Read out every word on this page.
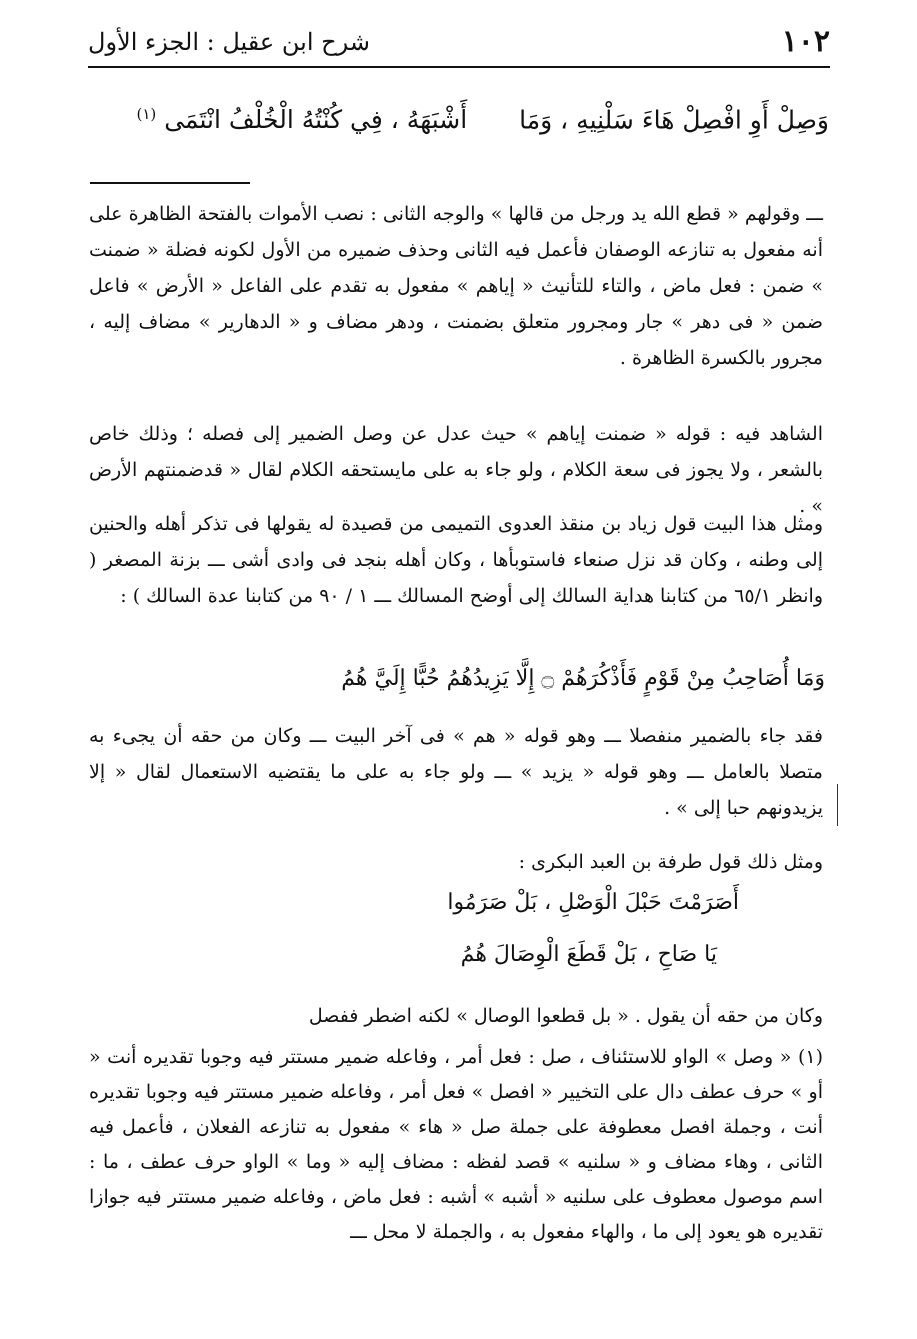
١٠٢
شرح ابن عقيل : الجزء الأول
وَصِلْ أَوِ افْصِلْ هَاءَ سَلْنِيهِ ، وَمَا أَشْبَهَهُ ، فِي كُنْتُهُ الْخُلْفُ انْتَمَى $^{(١)}$
ـــ وقولهم « قطع الله يد ورجل من قالها » والوجه الثانى : نصب الأموات بالفتحة الظاهرة على أنه مفعول به تنازعه الوصفان فأعمل فيه الثانى وحذف ضميره من الأول لكونه فضلة « ضمنت » ضمن : فعل ماض ، والتاء للتأنيث « إياهم » مفعول به تقدم على الفاعل « الأرض » فاعل ضمن « فى دهر » جار ومجرور متعلق بضمنت ، ودهر مضاف و « الدهارير » مضاف إليه ، مجرور بالكسرة الظاهرة .
الشاهد فيه : قوله « ضمنت إياهم » حيث عدل عن وصل الضمير إلى فصله ؛ وذلك خاص بالشعر ، ولا يجوز فى سعة الكلام ، ولو جاء به على مايستحقه الكلام لقال « قدضمنتهم الأرض » .
ومثل هذا البيت قول زياد بن منقذ العدوى التميمى من قصيدة له يقولها فى تذكر أهله والحنين إلى وطنه ، وكان قد نزل صنعاء فاستوبأها ، وكان أهله بنجد فى وادى أشى ـــ بزنة المصغر ( وانظر ٦٥/١ من كتابنا هداية السالك إلى أوضح المسالك ـــ ١ / ٩٠ من كتابنا عدة السالك ) :
وَمَا أُصَاحِبُ مِنْ قَوْمٍ فَأَذْكُرَهُمْ ۝ إِلَّا يَزِيدُهُمُ حُبًّا إِلَيَّ هُمُ
فقد جاء بالضمير منفصلا ـــ وهو قوله « هم » فى آخر البيت ـــ وكان من حقه أن يجىء به متصلا بالعامل ـــ وهو قوله « يزيد » ـــ ولو جاء به على ما يقتضيه الاستعمال لقال « إلا يزيدونهم حبا إلى » .
ومثل ذلك قول طرفة بن العبد البكرى :
أَصَرَمْتَ حَبْلَ الْوَصْلِ ، بَلْ صَرَمُوا
يَا صَاحِ ، بَلْ قَطَعَ الْوِصَالَ هُمُ
وكان من حقه أن يقول . « بل قطعوا الوصال » لكنه اضطر ففصل
(١) « وصل » الواو للاستئناف ، صل : فعل أمر ، وفاعله ضمير مستتر فيه وجوبا تقديره أنت « أو » حرف عطف دال على التخيير « افصل » فعل أمر ، وفاعله ضمير مستتر فيه وجوبا تقديره أنت ، وجملة افصل معطوفة على جملة صل « هاء » مفعول به تنازعه الفعلان ، فأعمل فيه الثانى ، وهاء مضاف و « سلنيه » قصد لفظه : مضاف إليه « وما » الواو حرف عطف ، ما : اسم موصول معطوف على سلنيه « أشبه » أشبه : فعل ماض ، وفاعله ضمير مستتر فيه جوازا تقديره هو يعود إلى ما ، والهاء مفعول به ، والجملة لا محل ـــ
